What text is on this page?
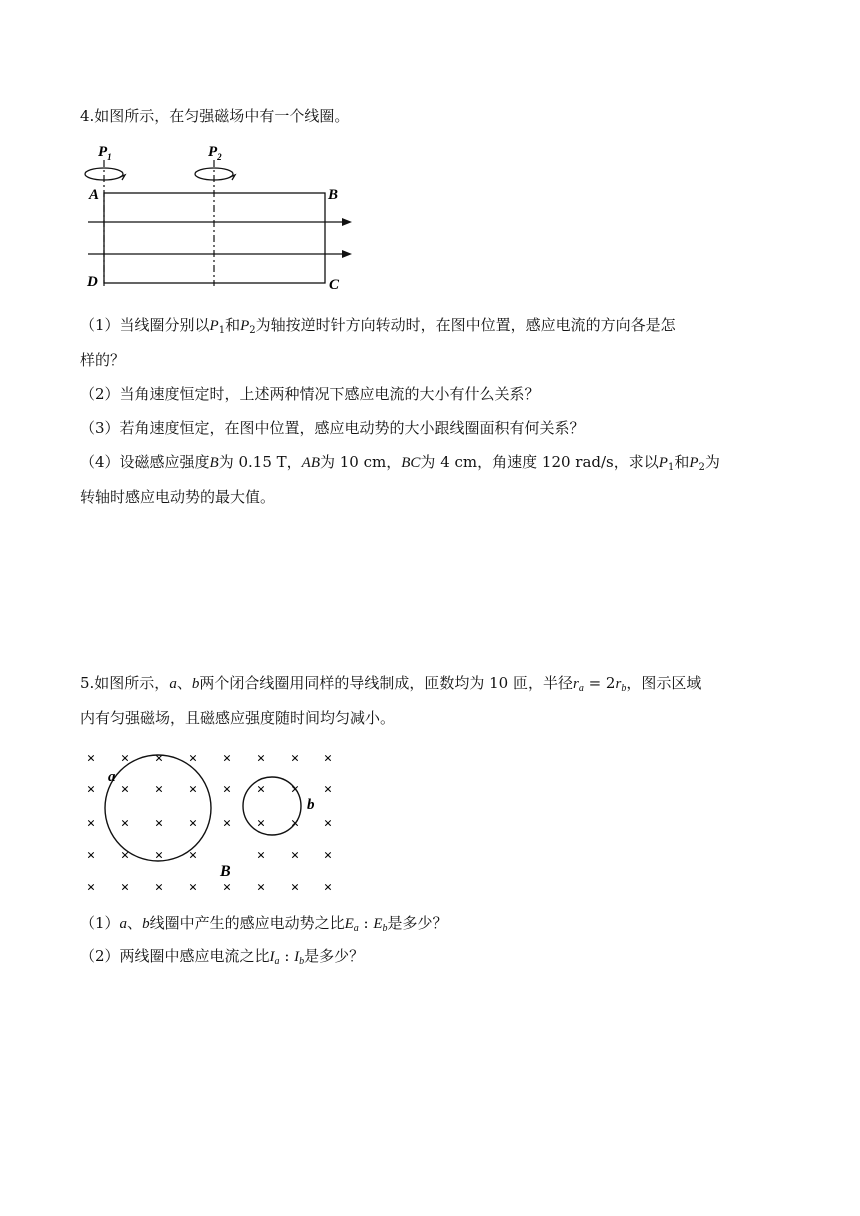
4.如图所示，在匀强磁场中有一个线圈。
$P_1$	$P_2$
A	B
D	C
（1）当线圈分别以$P_1$和$P_2$为轴按逆时针方向转动时，在图中位置，感应电流的方向各是怎
样的？
（2）当角速度恒定时，上述两种情况下感应电流的大小有什么关系？
（3）若角速度恒定，在图中位置，感应电动势的大小跟线圈面积有何关系？
（4）设磁感应强度B为 0.15 T，AB为 10 cm，BC为 4 cm，角速度 120 rad/s，求以$P_1$和$P_2$为
转轴时感应电动势的最大值。
5.如图所示，a、b两个闭合线圈用同样的导线制成，匝数均为 10 匝，半径$r_a = 2r_b$，图示区域
内有匀强磁场，且磁感应强度随时间均匀减小。
× × × × × × × ×
× × × × × × × ×
× × × × × × × ×
× × × ×	× × ×
× × × × × × × ×
a
b
B
（1）a、b线圈中产生的感应电动势之比$E_a$ : $E_b$是多少？
（2）两线圈中感应电流之比$I_a$ : $I_b$是多少？
